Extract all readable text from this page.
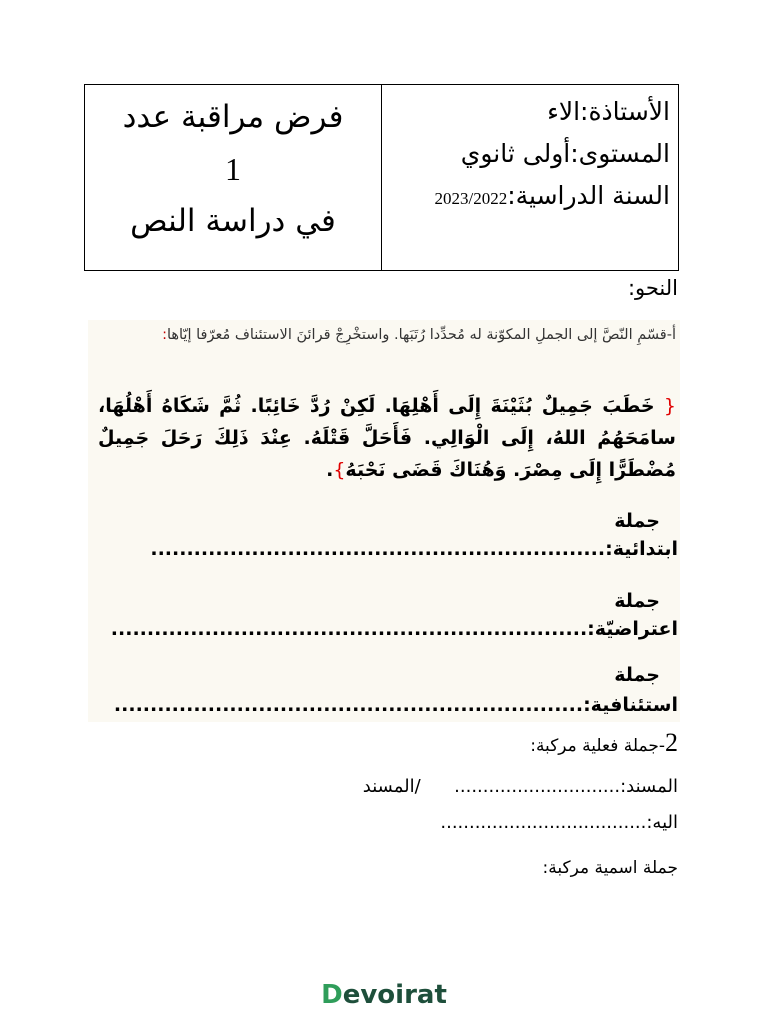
فرض مراقبة عدد
1
في دراسة النص
الأستاذة:الاء
المستوى:أولى ثانوي
السنة الدراسية:2023/2022
النحو:
أ-قسّمِ النّصَّ إلى الجملِ المكوّنة له مُحدِّدا رُتَبَها. واستخْرِجْ قرائنَ الاستئناف مُعرّفا إيّاها:
{ خَطَبَ جَمِيلٌ بُثَيْنَةَ إِلَى أَهْلِهَا. لَكِنْ رُدَّ خَائِبًا. ثُمَّ شَكَاهُ أَهْلُهَا، سامَحَهُمُ اللهُ، إِلَى الْوَالِي. فَأَحَلَّ قَتْلَهُ. عِنْدَ ذَلِكَ رَحَلَ جَمِيلٌ مُضْطَرًّا إِلَى مِصْرَ. وَهُنَاكَ قَضَى نَحْبَهُ}.
جملة
ابتدائية:...............................................................
جملة
اعتراضيّة:..................................................................
جملة
استئنافية:.................................................................
2-جملة فعلية مركبة:
المسند:.............................  /المسند
اليه:....................................
جملة اسمية مركبة:
Devoirat
